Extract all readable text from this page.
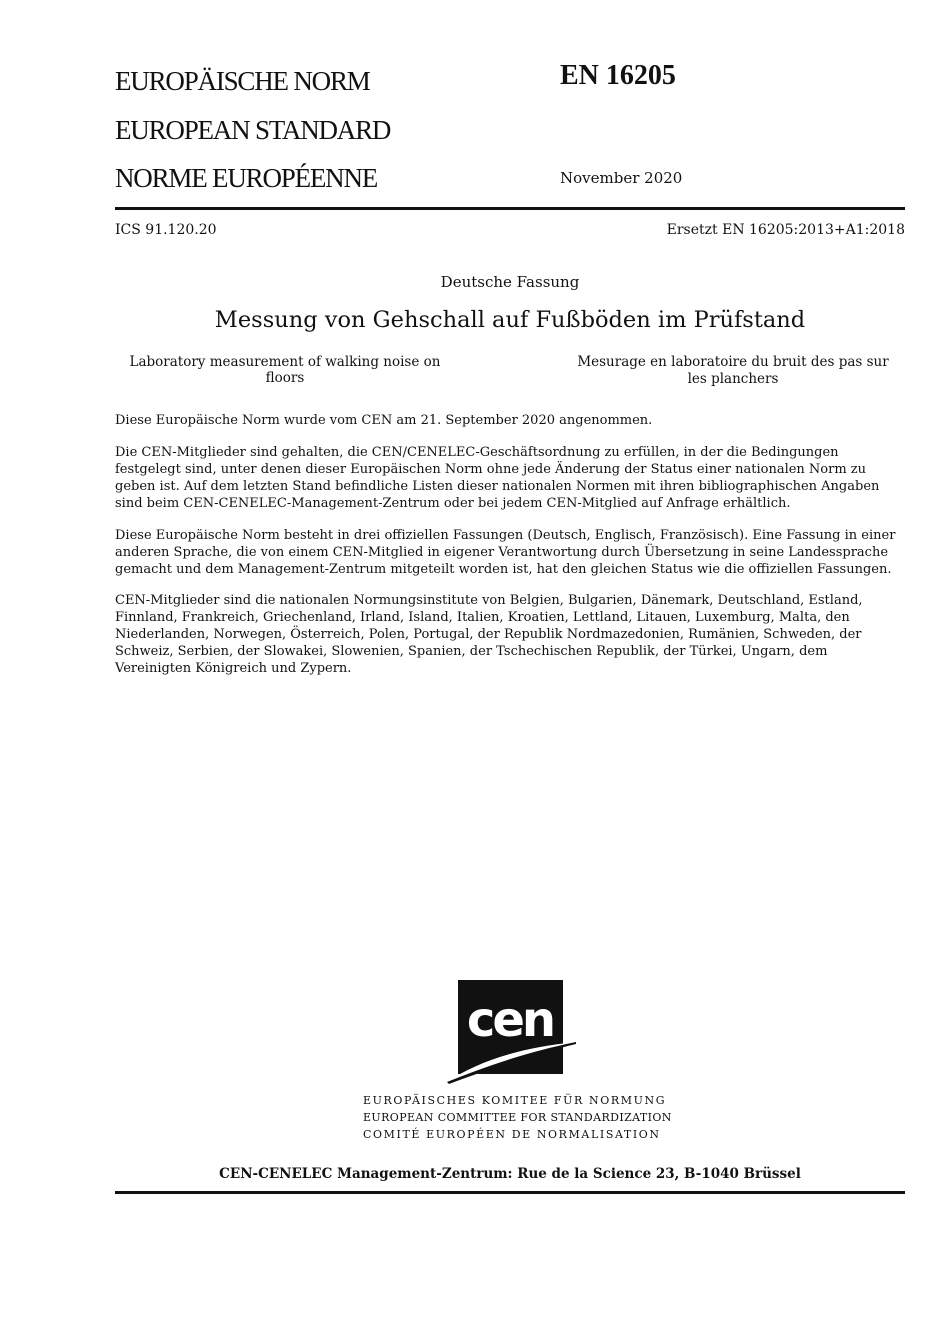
EUROPÄISCHE NORM
EUROPEAN STANDARD
NORME EUROPÉENNE
EN 16205
November 2020
ICS 91.120.20	Ersetzt EN 16205:2013+A1:2018
Deutsche Fassung
Messung von Gehschall auf Fußböden im Prüfstand
Laboratory measurement of walking noise on floors
Mesurage en laboratoire du bruit des pas sur les planchers

Diese Europäische Norm wurde vom CEN am 21. September 2020 angenommen.

Die CEN-Mitglieder sind gehalten, die CEN/CENELEC-Geschäftsordnung zu erfüllen, in der die Bedingungen festgelegt sind, unter denen dieser Europäischen Norm ohne jede Änderung der Status einer nationalen Norm zu geben ist. Auf dem letzten Stand befindliche Listen dieser nationalen Normen mit ihren bibliographischen Angaben sind beim CEN-CENELEC-Management-Zentrum oder bei jedem CEN-Mitglied auf Anfrage erhältlich.

Diese Europäische Norm besteht in drei offiziellen Fassungen (Deutsch, Englisch, Französisch). Eine Fassung in einer anderen Sprache, die von einem CEN-Mitglied in eigener Verantwortung durch Übersetzung in seine Landessprache gemacht und dem Management-Zentrum mitgeteilt worden ist, hat den gleichen Status wie die offiziellen Fassungen.

CEN-Mitglieder sind die nationalen Normungsinstitute von Belgien, Bulgarien, Dänemark, Deutschland, Estland, Finnland, Frankreich, Griechenland, Irland, Island, Italien, Kroatien, Lettland, Litauen, Luxemburg, Malta, den Niederlanden, Norwegen, Österreich, Polen, Portugal, der Republik Nordmazedonien, Rumänien, Schweden, der Schweiz, Serbien, der Slowakei, Slowenien, Spanien, der Tschechischen Republik, der Türkei, Ungarn, dem Vereinigten Königreich und Zypern.

cen
EUROPÄISCHES KOMITEE FÜR NORMUNG
EUROPEAN COMMITTEE FOR STANDARDIZATION
COMITÉ EUROPÉEN DE NORMALISATION
CEN-CENELEC Management-Zentrum: Rue de la Science 23, B-1040 Brüssel
